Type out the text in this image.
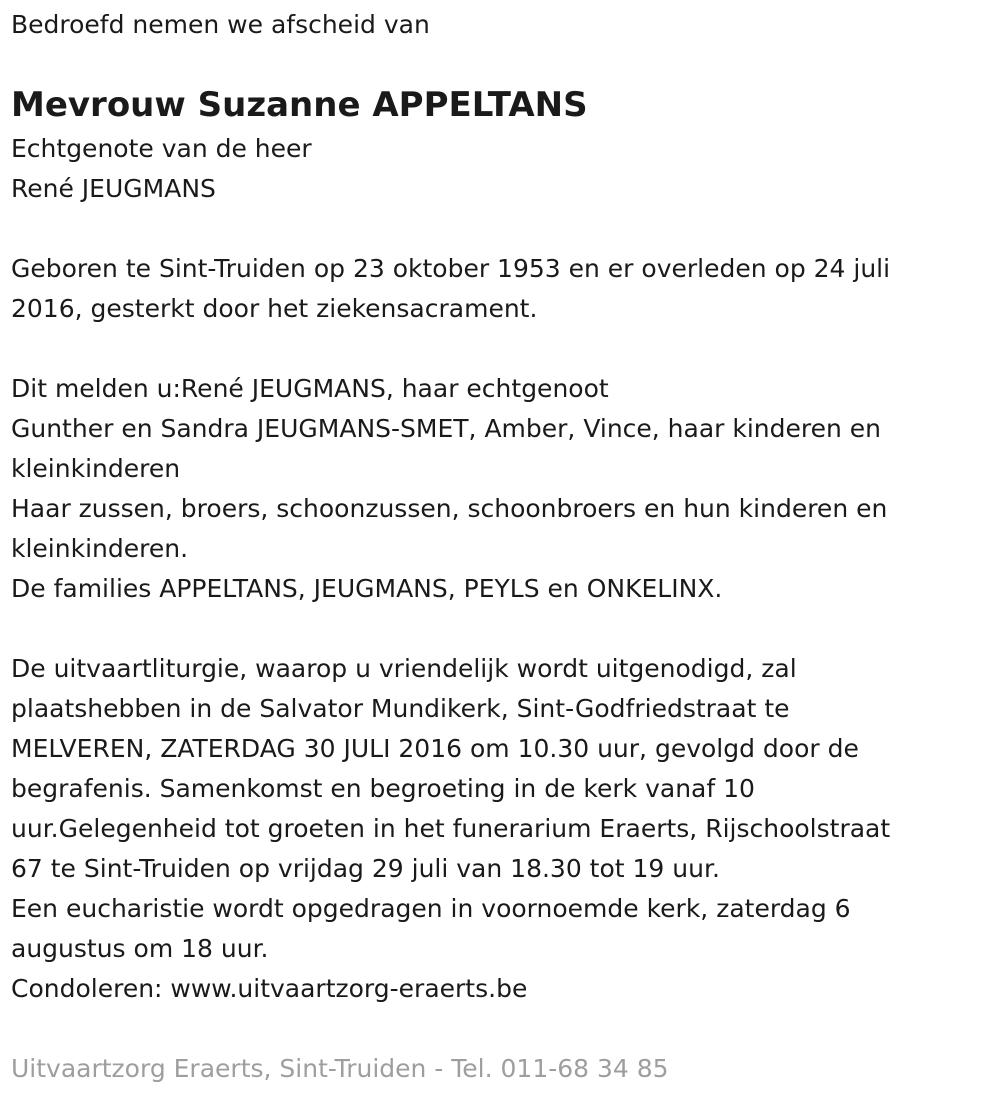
Bedroefd nemen we afscheid van

Mevrouw Suzanne APPELTANS

Echtgenote van de heer

René JEUGMANS

Geboren te Sint-Truiden op 23 oktober 1953 en er overleden op 24 juli

2016, gesterkt door het ziekensacrament.

Dit melden u:René JEUGMANS, haar echtgenoot

Gunther en Sandra JEUGMANS-SMET, Amber, Vince, haar kinderen en

kleinkinderen

Haar zussen, broers, schoonzussen, schoonbroers en hun kinderen en

kleinkinderen.

De families APPELTANS, JEUGMANS, PEYLS en ONKELINX.

De uitvaartliturgie, waarop u vriendelijk wordt uitgenodigd, zal

plaatshebben in de Salvator Mundikerk, Sint-Godfriedstraat te

MELVEREN, ZATERDAG 30 JULI 2016 om 10.30 uur, gevolgd door de

begrafenis. Samenkomst en begroeting in de kerk vanaf 10

uur.Gelegenheid tot groeten in het funerarium Eraerts, Rijschoolstraat

67 te Sint-Truiden op vrijdag 29 juli van 18.30 tot 19 uur.

Een eucharistie wordt opgedragen in voornoemde kerk, zaterdag 6

augustus om 18 uur.

Condoleren: www.uitvaartzorg-eraerts.be

Uitvaartzorg Eraerts, Sint-Truiden - Tel. 011-68 34 85
